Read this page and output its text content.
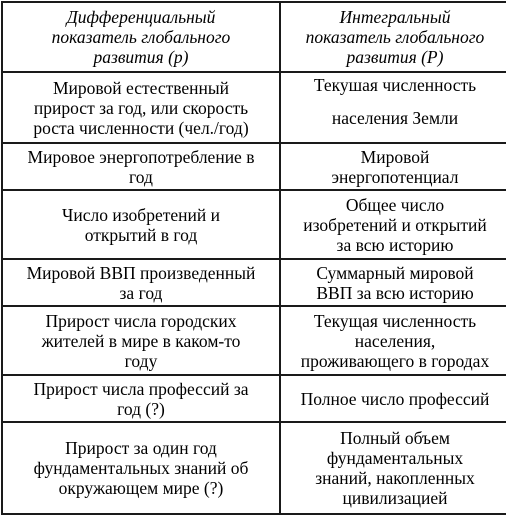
Дифференциальный
показатель глобального
развития (p)	Интегральный
показатель глобального
развития (P)

Мировой естественный
прирост за год, или скорость
роста численности (чел./год)	Текушая численность
населения Земли

Мировое энергопотребление в
год	Мировой
энергопотенциал

Число изобретений и
открытий в год	Общее число
изобретений и открытий
за всю историю

Мировой ВВП произведенный
за год	Суммарный мировой
ВВП за всю историю

Прирост числа городских
жителей в мире в каком-то
году	Текущая численность
населения,
проживающего в городах

Прирост числа профессий за
год (?)	Полное число профессий

Прирост за один год
фундаментальных знаний об
окружающем мире (?)	Полный объем
фундаментальных
знаний, накопленных
цивилизацией
